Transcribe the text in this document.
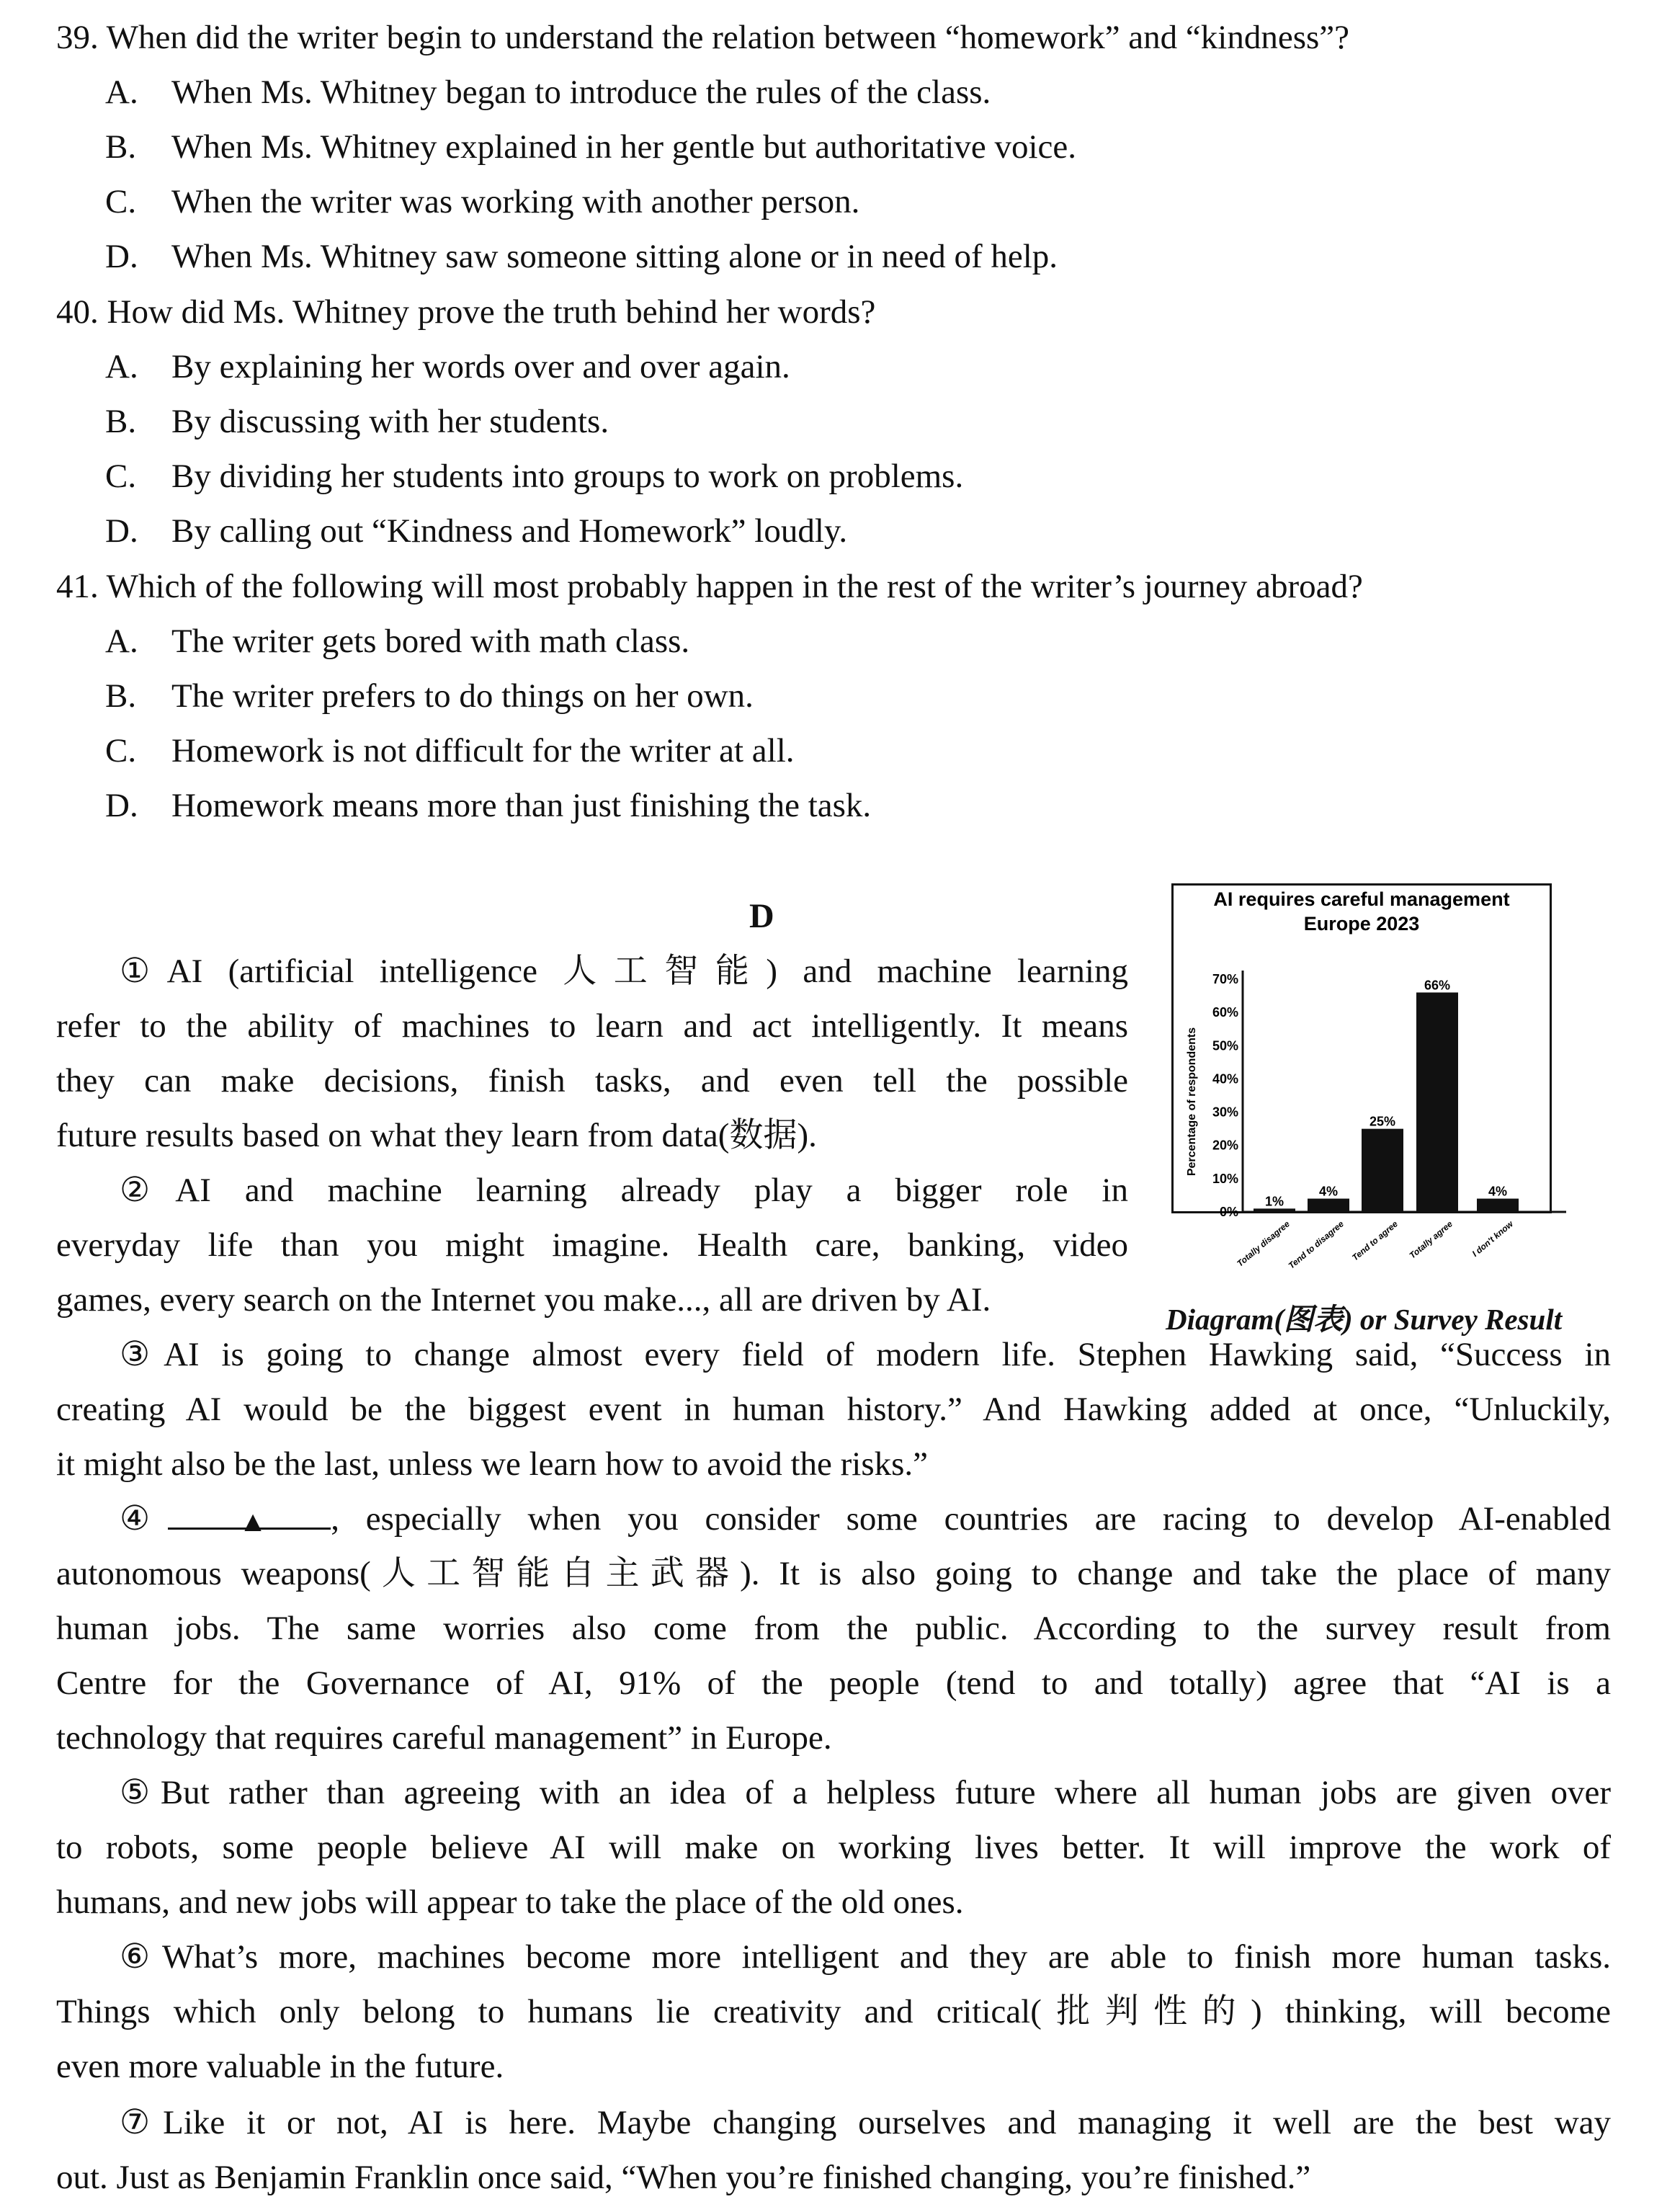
39. When did the writer begin to understand the relation between “homework” and “kindness”?
A. When Ms. Whitney began to introduce the rules of the class.
B. When Ms. Whitney explained in her gentle but authoritative voice.
C. When the writer was working with another person.
D. When Ms. Whitney saw someone sitting alone or in need of help.
40. How did Ms. Whitney prove the truth behind her words?
A. By explaining her words over and over again.
B. By discussing with her students.
C. By dividing her students into groups to work on problems.
D. By calling out “Kindness and Homework” loudly.
41. Which of the following will most probably happen in the rest of the writer’s journey abroad?
A. The writer gets bored with math class.
B. The writer prefers to do things on her own.
C. Homework is not difficult for the writer at all.
D. Homework means more than just finishing the task.
D	AI requires careful management
Europe 2023
Percentage of respondents
70%
60%
50%
40%
30%
20%
10%
0%
1%
Totally disagree
4%
Tend to disagree
25%
Tend to agree
66%
Totally agree
4%
I don't know
Diagram(图表) or Survey Result
①AI (artificial intelligence 人工智能) and machine learning
refer to the ability of machines to learn and act intelligently. It means
they can make decisions, finish tasks, and even tell the possible
future results based on what they learn from data(数据).
②AI and machine learning already play a bigger role in
everyday life than you might imagine. Health care, banking, video
games, every search on the Internet you make..., all are driven by AI.
③AI is going to change almost every field of modern life. Stephen Hawking said, “Success in
creating AI would be the biggest event in human history.” And Hawking added at once, “Unluckily,
it might also be the last, unless we learn how to avoid the risks.”
④ ▲ , especially when you consider some countries are racing to develop AI-enabled
autonomous weapons(人工智能自主武器). It is also going to change and take the place of many
human jobs. The same worries also come from the public. According to the survey result from
Centre for the Governance of AI, 91% of the people (tend to and totally) agree that “AI is a
technology that requires careful management” in Europe.
⑤But rather than agreeing with an idea of a helpless future where all human jobs are given over
to robots, some people believe AI will make on working lives better. It will improve the work of
humans, and new jobs will appear to take the place of the old ones.
⑥What’s more, machines become more intelligent and they are able to finish more human tasks.
Things which only belong to humans lie creativity and critical(批判性的) thinking, will become
even more valuable in the future.
⑦Like it or not, AI is here. Maybe changing ourselves and managing it well are the best way
out. Just as Benjamin Franklin once said, “When you’re finished changing, you’re finished.”
